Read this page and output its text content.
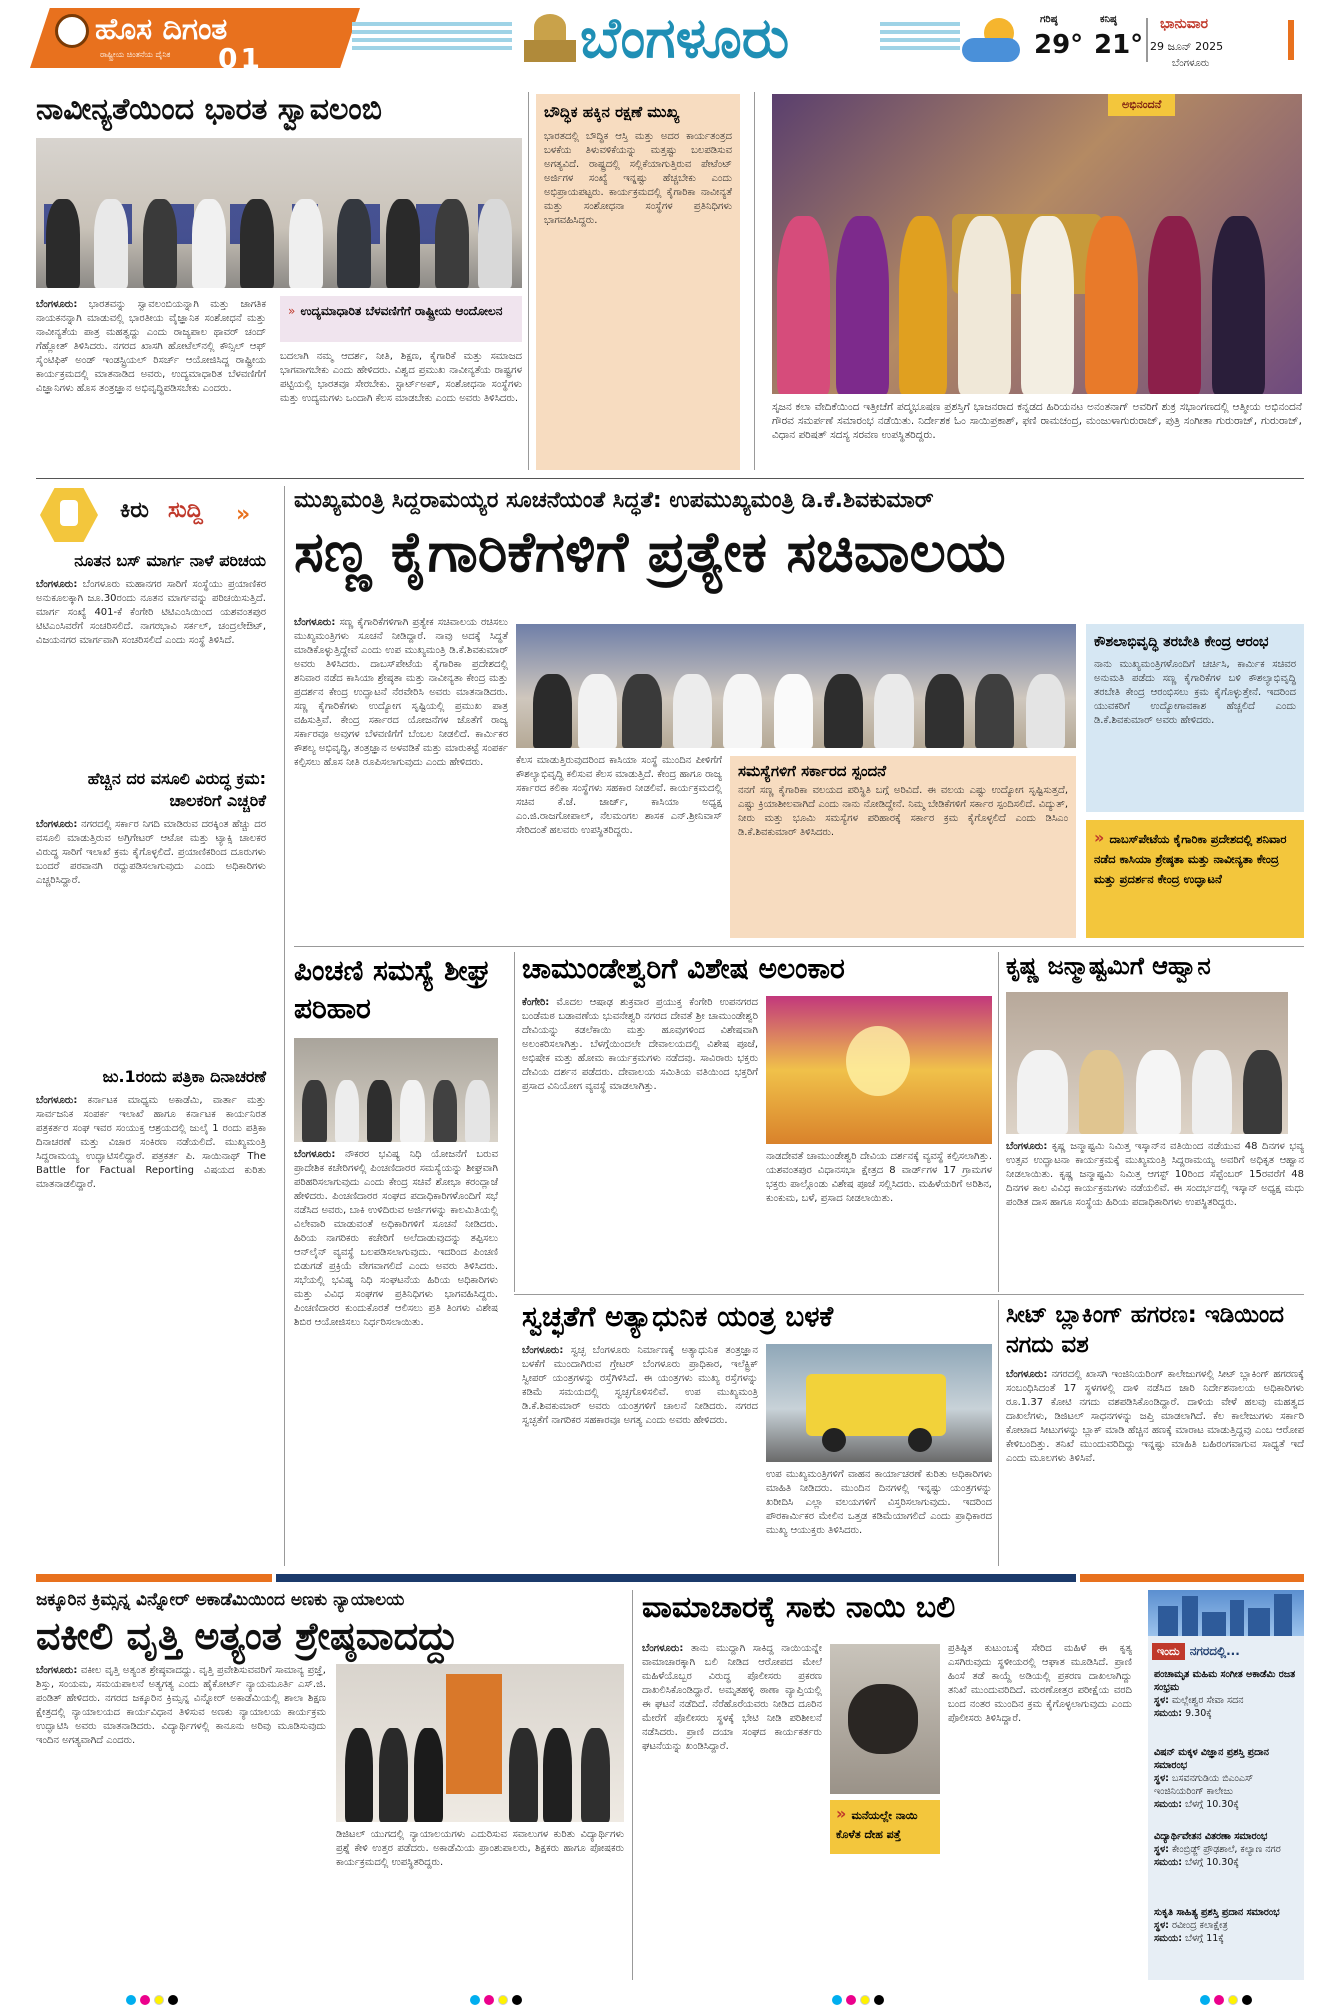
ಹೊಸ ದಿಗಂತ
ರಾಷ್ಟ್ರೀಯ ಚಿಂತನೆಯ ದೈನಿಕ 01	ಬೆಂಗಳೂರು	ಗರಿಷ್ಠ
29°
ಕನಿಷ್ಠ
21°
ಭಾನುವಾರ
29 ಜೂನ್ 2025
ಬೆಂಗಳೂರು
ನಾವೀನ್ಯತೆಯಿಂದ ಭಾರತ ಸ್ವಾವಲಂಬಿ
ಬೆಂಗಳೂರು: ಭಾರತವನ್ನು ಸ್ವಾವಲಂಬಿಯನ್ನಾಗಿ ಮತ್ತು ಜಾಗತಿಕ ನಾಯಕನನ್ನಾಗಿ ಮಾಡುವಲ್ಲಿ ಭಾರತೀಯ ವೈಜ್ಞಾನಿಕ ಸಂಶೋಧನೆ ಮತ್ತು ನಾವೀನ್ಯತೆಯ ಪಾತ್ರ ಮಹತ್ವದ್ದು ಎಂದು ರಾಜ್ಯಪಾಲ ಥಾವರ್ ಚಂದ್ ಗೆಹ್ಲೋತ್ ತಿಳಿಸಿದರು. ನಗರದ ಖಾಸಗಿ ಹೋಟೆಲ್‌ನಲ್ಲಿ ಕೌನ್ಸಿಲ್ ಆಫ್ ಸೈಂಟಿಫಿಕ್ ಅಂಡ್ ಇಂಡಸ್ಟ್ರಿಯಲ್ ರಿಸರ್ಚ್ ಆಯೋಜಿಸಿದ್ದ ರಾಷ್ಟ್ರೀಯ ಕಾರ್ಯಕ್ರಮದಲ್ಲಿ ಮಾತನಾಡಿದ ಅವರು, ಉದ್ಯಮಾಧಾರಿತ ಬೆಳವಣಿಗೆಗೆ ವಿಜ್ಞಾನಿಗಳು ಹೊಸ ತಂತ್ರಜ್ಞಾನ ಅಭಿವೃದ್ಧಿಪಡಿಸಬೇಕು ಎಂದರು.
» ಉದ್ಯಮಾಧಾರಿತ ಬೆಳವಣಿಗೆಗೆ ರಾಷ್ಟ್ರೀಯ ಆಂದೋಲನ
ಬದಲಾಗಿ ನಮ್ಮ ಆದರ್ಶ, ನೀತಿ, ಶಿಕ್ಷಣ, ಕೈಗಾರಿಕೆ ಮತ್ತು ಸಮಾಜದ ಭಾಗವಾಗಬೇಕು ಎಂದು ಹೇಳಿದರು. ವಿಶ್ವದ ಪ್ರಮುಖ ನಾವೀನ್ಯತೆಯ ರಾಷ್ಟ್ರಗಳ ಪಟ್ಟಿಯಲ್ಲಿ ಭಾರತವೂ ಸೇರಬೇಕು. ಸ್ಟಾರ್ಟ್‌ಅಪ್, ಸಂಶೋಧನಾ ಸಂಸ್ಥೆಗಳು ಮತ್ತು ಉದ್ಯಮಗಳು ಒಂದಾಗಿ ಕೆಲಸ ಮಾಡಬೇಕು ಎಂದು ಅವರು ತಿಳಿಸಿದರು.
ಬೌದ್ಧಿಕ ಹಕ್ಕಿನ ರಕ್ಷಣೆ ಮುಖ್ಯ
ಭಾರತದಲ್ಲಿ ಬೌದ್ಧಿಕ ಆಸ್ತಿ ಮತ್ತು ಅದರ ಕಾರ್ಯತಂತ್ರದ ಬಳಕೆಯ ತಿಳುವಳಿಕೆಯನ್ನು ಮತ್ತಷ್ಟು ಬಲಪಡಿಸುವ ಅಗತ್ಯವಿದೆ. ರಾಷ್ಟ್ರದಲ್ಲಿ ಸಲ್ಲಿಕೆಯಾಗುತ್ತಿರುವ ಪೇಟೆಂಟ್ ಅರ್ಜಿಗಳ ಸಂಖ್ಯೆ ಇನ್ನಷ್ಟು ಹೆಚ್ಚಬೇಕು ಎಂದು ಅಭಿಪ್ರಾಯಪಟ್ಟರು. ಕಾರ್ಯಕ್ರಮದಲ್ಲಿ ಕೈಗಾರಿಕಾ ನಾವೀನ್ಯತೆ ಮತ್ತು ಸಂಶೋಧನಾ ಸಂಸ್ಥೆಗಳ ಪ್ರತಿನಿಧಿಗಳು ಭಾಗವಹಿಸಿದ್ದರು.
ಅಭಿನಂದನೆ
ಸೃಜನ ಕಲಾ ವೇದಿಕೆಯಿಂದ ಇತ್ತೀಚೆಗೆ ಪದ್ಮಭೂಷಣ ಪ್ರಶಸ್ತಿಗೆ ಭಾಜನರಾದ ಕನ್ನಡದ ಹಿರಿಯನಟ ಅನಂತನಾಗ್ ಅವರಿಗೆ ಶುಕ್ರ ಸಭಾಂಗಣದಲ್ಲಿ ಆತ್ಮೀಯ ಅಭಿನಂದನೆ ಗೌರವ ಸಮರ್ಪಣೆ ಸಮಾರಂಭ ನಡೆಯಿತು. ನಿರ್ದೇಶಕ ಓಂ ಸಾಯಿಪ್ರಕಾಶ್, ಫಣಿ ರಾಮಚಂದ್ರ, ಮಂಜುಳಾಗುರುರಾಜ್, ಪುತ್ರಿ ಸಂಗೀತಾ ಗುರುರಾಜ್, ಗುರುರಾಜ್, ವಿಧಾನ ಪರಿಷತ್ ಸದಸ್ಯ ಸರವಣ ಉಪಸ್ಥಿತರಿದ್ದರು.
ಕಿರು ಸುದ್ದಿ »
ನೂತನ ಬಸ್ ಮಾರ್ಗ ನಾಳೆ ಪರಿಚಯ
ಬೆಂಗಳೂರು: ಬೆಂಗಳೂರು ಮಹಾನಗರ ಸಾರಿಗೆ ಸಂಸ್ಥೆಯು ಪ್ರಯಾಣಿಕರ ಅನುಕೂಲಕ್ಕಾಗಿ ಜೂ.30ರಂದು ನೂತನ ಮಾರ್ಗವನ್ನು ಪರಿಚಯಿಸುತ್ತಿದೆ. ಮಾರ್ಗ ಸಂಖ್ಯೆ 401-ಕೆ ಕೆಂಗೇರಿ ಟಿಟಿಎಂಸಿಯಿಂದ ಯಶವಂತಪುರ ಟಿಟಿಎಂಸಿವರೆಗೆ ಸಂಚರಿಸಲಿದೆ. ನಾಗರಭಾವಿ ಸರ್ಕಲ್, ಚಂದ್ರಲೇಔಟ್, ವಿಜಯನಗರ ಮಾರ್ಗವಾಗಿ ಸಂಚರಿಸಲಿದೆ ಎಂದು ಸಂಸ್ಥೆ ತಿಳಿಸಿದೆ.
ಹೆಚ್ಚಿನ ದರ ವಸೂಲಿ ವಿರುದ್ಧ ಕ್ರಮ: ಚಾಲಕರಿಗೆ ಎಚ್ಚರಿಕೆ
ಬೆಂಗಳೂರು: ನಗರದಲ್ಲಿ ಸರ್ಕಾರ ನಿಗದಿ ಮಾಡಿರುವ ದರಕ್ಕಿಂತ ಹೆಚ್ಚು ದರ ವಸೂಲಿ ಮಾಡುತ್ತಿರುವ ಅಗ್ರಿಗೇಟರ್ ಆಟೋ ಮತ್ತು ಟ್ಯಾಕ್ಸಿ ಚಾಲಕರ ವಿರುದ್ಧ ಸಾರಿಗೆ ಇಲಾಖೆ ಕ್ರಮ ಕೈಗೊಳ್ಳಲಿದೆ. ಪ್ರಯಾಣಿಕರಿಂದ ದೂರುಗಳು ಬಂದರೆ ಪರವಾನಗಿ ರದ್ದುಪಡಿಸಲಾಗುವುದು ಎಂದು ಅಧಿಕಾರಿಗಳು ಎಚ್ಚರಿಸಿದ್ದಾರೆ.
ಜು.1ರಂದು ಪತ್ರಿಕಾ ದಿನಾಚರಣೆ
ಬೆಂಗಳೂರು: ಕರ್ನಾಟಕ ಮಾಧ್ಯಮ ಅಕಾಡೆಮಿ, ವಾರ್ತಾ ಮತ್ತು ಸಾರ್ವಜನಿಕ ಸಂಪರ್ಕ ಇಲಾಖೆ ಹಾಗೂ ಕರ್ನಾಟಕ ಕಾರ್ಯನಿರತ ಪತ್ರಕರ್ತರ ಸಂಘ ಇವರ ಸಂಯುಕ್ತ ಆಶ್ರಯದಲ್ಲಿ ಜುಲೈ 1 ರಂದು ಪತ್ರಿಕಾ ದಿನಾಚರಣೆ ಮತ್ತು ವಿಚಾರ ಸಂಕಿರಣ ನಡೆಯಲಿದೆ. ಮುಖ್ಯಮಂತ್ರಿ ಸಿದ್ದರಾಮಯ್ಯ ಉದ್ಘಾಟಿಸಲಿದ್ದಾರೆ. ಪತ್ರಕರ್ತ ಪಿ. ಸಾಯಿನಾಥ್ The Battle for Factual Reporting ವಿಷಯದ ಕುರಿತು ಮಾತನಾಡಲಿದ್ದಾರೆ.
ಮುಖ್ಯಮಂತ್ರಿ ಸಿದ್ದರಾಮಯ್ಯರ ಸೂಚನೆಯಂತೆ ಸಿದ್ಧತೆ: ಉಪಮುಖ್ಯಮಂತ್ರಿ ಡಿ.ಕೆ.ಶಿವಕುಮಾರ್
ಸಣ್ಣ ಕೈಗಾರಿಕೆಗಳಿಗೆ ಪ್ರತ್ಯೇಕ ಸಚಿವಾಲಯ
ಬೆಂಗಳೂರು: ಸಣ್ಣ ಕೈಗಾರಿಕೆಗಳಿಗಾಗಿ ಪ್ರತ್ಯೇಕ ಸಚಿವಾಲಯ ರಚಿಸಲು ಮುಖ್ಯಮಂತ್ರಿಗಳು ಸೂಚನೆ ನೀಡಿದ್ದಾರೆ. ನಾವು ಅದಕ್ಕೆ ಸಿದ್ಧತೆ ಮಾಡಿಕೊಳ್ಳುತ್ತಿದ್ದೇವೆ ಎಂದು ಉಪ ಮುಖ್ಯಮಂತ್ರಿ ಡಿ.ಕೆ.ಶಿವಕುಮಾರ್ ಅವರು ತಿಳಿಸಿದರು. ದಾಬಸ್‌ಪೇಟೆಯ ಕೈಗಾರಿಕಾ ಪ್ರದೇಶದಲ್ಲಿ ಶನಿವಾರ ನಡೆದ ಕಾಸಿಯಾ ಶ್ರೇಷ್ಠತಾ ಮತ್ತು ನಾವೀನ್ಯತಾ ಕೇಂದ್ರ ಮತ್ತು ಪ್ರದರ್ಶನ ಕೇಂದ್ರ ಉದ್ಘಾಟನೆ ನೆರವೇರಿಸಿ ಅವರು ಮಾತನಾಡಿದರು. ಸಣ್ಣ ಕೈಗಾರಿಕೆಗಳು ಉದ್ಯೋಗ ಸೃಷ್ಟಿಯಲ್ಲಿ ಪ್ರಮುಖ ಪಾತ್ರ ವಹಿಸುತ್ತಿವೆ. ಕೇಂದ್ರ ಸರ್ಕಾರದ ಯೋಜನೆಗಳ ಜೊತೆಗೆ ರಾಜ್ಯ ಸರ್ಕಾರವೂ ಅವುಗಳ ಬೆಳವಣಿಗೆಗೆ ಬೆಂಬಲ ನೀಡಲಿದೆ. ಕಾರ್ಮಿಕರ ಕೌಶಲ್ಯ ಅಭಿವೃದ್ಧಿ, ತಂತ್ರಜ್ಞಾನ ಅಳವಡಿಕೆ ಮತ್ತು ಮಾರುಕಟ್ಟೆ ಸಂಪರ್ಕ ಕಲ್ಪಿಸಲು ಹೊಸ ನೀತಿ ರೂಪಿಸಲಾಗುವುದು ಎಂದು ಹೇಳಿದರು.	ಕೆಲಸ ಮಾಡುತ್ತಿರುವುದರಿಂದ ಕಾಸಿಯಾ ಸಂಸ್ಥೆ ಮುಂದಿನ ಪೀಳಿಗೆಗೆ ಕೌಶಲ್ಯಾಭಿವೃದ್ಧಿ ಕಲಿಸುವ ಕೆಲಸ ಮಾಡುತ್ತಿದೆ. ಕೇಂದ್ರ ಹಾಗೂ ರಾಜ್ಯ ಸರ್ಕಾರದ ಕಲಿಕಾ ಸಂಸ್ಥೆಗಳು ಸಹಕಾರ ನೀಡಲಿವೆ. ಕಾರ್ಯಕ್ರಮದಲ್ಲಿ ಸಚಿವ ಕೆ.ಜೆ. ಜಾರ್ಜ್, ಕಾಸಿಯಾ ಅಧ್ಯಕ್ಷ ಎಂ.ಜಿ.ರಾಜಗೋಪಾಲ್, ನೆಲಮಂಗಲ ಶಾಸಕ ಎನ್.ಶ್ರೀನಿವಾಸ್ ಸೇರಿದಂತೆ ಹಲವರು ಉಪಸ್ಥಿತರಿದ್ದರು.
ಸಮಸ್ಯೆಗಳಿಗೆ ಸರ್ಕಾರದ ಸ್ಪಂದನೆ
ನನಗೆ ಸಣ್ಣ ಕೈಗಾರಿಕಾ ವಲಯದ ಪರಿಸ್ಥಿತಿ ಬಗ್ಗೆ ಅರಿವಿದೆ. ಈ ವಲಯ ಎಷ್ಟು ಉದ್ಯೋಗ ಸೃಷ್ಟಿಸುತ್ತದೆ, ಎಷ್ಟು ಕ್ರಿಯಾಶೀಲವಾಗಿದೆ ಎಂದು ನಾನು ನೋಡಿದ್ದೇನೆ. ನಿಮ್ಮ ಬೇಡಿಕೆಗಳಿಗೆ ಸರ್ಕಾರ ಸ್ಪಂದಿಸಲಿದೆ. ವಿದ್ಯುತ್, ನೀರು ಮತ್ತು ಭೂಮಿ ಸಮಸ್ಯೆಗಳ ಪರಿಹಾರಕ್ಕೆ ಸರ್ಕಾರ ಕ್ರಮ ಕೈಗೊಳ್ಳಲಿದೆ ಎಂದು ಡಿಸಿಎಂ ಡಿ.ಕೆ.ಶಿವಕುಮಾರ್ ತಿಳಿಸಿದರು.
ಕೌಶಲಾಭಿವೃದ್ಧಿ ತರಬೇತಿ ಕೇಂದ್ರ ಆರಂಭ
ನಾನು ಮುಖ್ಯಮಂತ್ರಿಗಳೊಂದಿಗೆ ಚರ್ಚಿಸಿ, ಕಾರ್ಮಿಕ ಸಚಿವರ ಅನುಮತಿ ಪಡೆದು ಸಣ್ಣ ಕೈಗಾರಿಕೆಗಳ ಬಳಿ ಕೌಶಲ್ಯಾಭಿವೃದ್ಧಿ ತರಬೇತಿ ಕೇಂದ್ರ ಆರಂಭಿಸಲು ಕ್ರಮ ಕೈಗೊಳ್ಳುತ್ತೇನೆ. ಇದರಿಂದ ಯುವಕರಿಗೆ ಉದ್ಯೋಗಾವಕಾಶ ಹೆಚ್ಚಲಿದೆ ಎಂದು ಡಿ.ಕೆ.ಶಿವಕುಮಾರ್ ಅವರು ಹೇಳಿದರು.
» ದಾಬಸ್‌ಪೇಟೆಯ ಕೈಗಾರಿಕಾ ಪ್ರದೇಶದಲ್ಲಿ ಶನಿವಾರ ನಡೆದ ಕಾಸಿಯಾ ಶ್ರೇಷ್ಠತಾ ಮತ್ತು ನಾವೀನ್ಯತಾ ಕೇಂದ್ರ ಮತ್ತು ಪ್ರದರ್ಶನ ಕೇಂದ್ರ ಉದ್ಘಾಟನೆ
ಪಿಂಚಣಿ ಸಮಸ್ಯೆ ಶೀಘ್ರ ಪರಿಹಾರ
ಬೆಂಗಳೂರು: ನೌಕರರ ಭವಿಷ್ಯ ನಿಧಿ ಯೋಜನೆಗೆ ಬರುವ ಪ್ರಾದೇಶಿಕ ಕಚೇರಿಗಳಲ್ಲಿ ಪಿಂಚಣಿದಾರರ ಸಮಸ್ಯೆಯನ್ನು ಶೀಘ್ರವಾಗಿ ಪರಿಹರಿಸಲಾಗುವುದು ಎಂದು ಕೇಂದ್ರ ಸಚಿವೆ ಶೋಭಾ ಕರಂದ್ಲಾಜೆ ಹೇಳಿದರು. ಪಿಂಚಣಿದಾರರ ಸಂಘದ ಪದಾಧಿಕಾರಿಗಳೊಂದಿಗೆ ಸಭೆ ನಡೆಸಿದ ಅವರು, ಬಾಕಿ ಉಳಿದಿರುವ ಅರ್ಜಿಗಳನ್ನು ಕಾಲಮಿತಿಯಲ್ಲಿ ವಿಲೇವಾರಿ ಮಾಡುವಂತೆ ಅಧಿಕಾರಿಗಳಿಗೆ ಸೂಚನೆ ನೀಡಿದರು. ಹಿರಿಯ ನಾಗರಿಕರು ಕಚೇರಿಗೆ ಅಲೆದಾಡುವುದನ್ನು ತಪ್ಪಿಸಲು ಆನ್‌ಲೈನ್ ವ್ಯವಸ್ಥೆ ಬಲಪಡಿಸಲಾಗುವುದು. ಇದರಿಂದ ಪಿಂಚಣಿ ಬಿಡುಗಡೆ ಪ್ರಕ್ರಿಯೆ ವೇಗವಾಗಲಿದೆ ಎಂದು ಅವರು ತಿಳಿಸಿದರು. ಸಭೆಯಲ್ಲಿ ಭವಿಷ್ಯ ನಿಧಿ ಸಂಘಟನೆಯ ಹಿರಿಯ ಅಧಿಕಾರಿಗಳು ಮತ್ತು ವಿವಿಧ ಸಂಘಗಳ ಪ್ರತಿನಿಧಿಗಳು ಭಾಗವಹಿಸಿದ್ದರು. ಪಿಂಚಣಿದಾರರ ಕುಂದುಕೊರತೆ ಆಲಿಸಲು ಪ್ರತಿ ತಿಂಗಳು ವಿಶೇಷ ಶಿಬಿರ ಆಯೋಜಿಸಲು ನಿರ್ಧರಿಸಲಾಯಿತು.
ಚಾಮುಂಡೇಶ್ವರಿಗೆ ವಿಶೇಷ ಅಲಂಕಾರ
ಕೆಂಗೇರಿ: ಮೊದಲ ಆಷಾಢ ಶುಕ್ರವಾರ ಪ್ರಯುಕ್ತ ಕೆಂಗೇರಿ ಉಪನಗರದ ಬಂಡೆಮಠ ಬಡಾವಣೆಯ ಭುವನೇಶ್ವರಿ ನಗರದ ದೇವತೆ ಶ್ರೀ ಚಾಮುಂಡೇಶ್ವರಿ ದೇವಿಯನ್ನು ಕಡಲೆಕಾಯಿ ಮತ್ತು ಹೂವುಗಳಿಂದ ವಿಶೇಷವಾಗಿ ಅಲಂಕರಿಸಲಾಗಿತ್ತು. ಬೆಳಗ್ಗೆಯಿಂದಲೇ ದೇವಾಲಯದಲ್ಲಿ ವಿಶೇಷ ಪೂಜೆ, ಅಭಿಷೇಕ ಮತ್ತು ಹೋಮ ಕಾರ್ಯಕ್ರಮಗಳು ನಡೆದವು. ಸಾವಿರಾರು ಭಕ್ತರು ದೇವಿಯ ದರ್ಶನ ಪಡೆದರು. ದೇವಾಲಯ ಸಮಿತಿಯ ವತಿಯಿಂದ ಭಕ್ತರಿಗೆ ಪ್ರಸಾದ ವಿನಿಯೋಗ ವ್ಯವಸ್ಥೆ ಮಾಡಲಾಗಿತ್ತು.
ನಾಡದೇವತೆ ಚಾಮುಂಡೇಶ್ವರಿ ದೇವಿಯ ದರ್ಶನಕ್ಕೆ ವ್ಯವಸ್ಥೆ ಕಲ್ಪಿಸಲಾಗಿತ್ತು. ಯಶವಂತಪುರ ವಿಧಾನಸಭಾ ಕ್ಷೇತ್ರದ 8 ವಾರ್ಡ್‌ಗಳ 17 ಗ್ರಾಮಗಳ ಭಕ್ತರು ಪಾಲ್ಗೊಂಡು ವಿಶೇಷ ಪೂಜೆ ಸಲ್ಲಿಸಿದರು. ಮಹಿಳೆಯರಿಗೆ ಅರಿಶಿನ, ಕುಂಕುಮ, ಬಳೆ, ಪ್ರಸಾದ ನೀಡಲಾಯಿತು.
ಕೃಷ್ಣ ಜನ್ಮಾಷ್ಟಮಿಗೆ ಆಹ್ವಾನ
ಬೆಂಗಳೂರು: ಕೃಷ್ಣ ಜನ್ಮಾಷ್ಟಮಿ ನಿಮಿತ್ತ ಇಸ್ಕಾನ್‌ನ ವತಿಯಿಂದ ನಡೆಯುವ 48 ದಿನಗಳ ಭವ್ಯ ಉತ್ಸವ ಉದ್ಘಾಟನಾ ಕಾರ್ಯಕ್ರಮಕ್ಕೆ ಮುಖ್ಯಮಂತ್ರಿ ಸಿದ್ದರಾಮಯ್ಯ ಅವರಿಗೆ ಅಧಿಕೃತ ಆಹ್ವಾನ ನೀಡಲಾಯಿತು. ಕೃಷ್ಣ ಜನ್ಮಾಷ್ಟಮಿ ನಿಮಿತ್ತ ಆಗಸ್ಟ್ 10ರಿಂದ ಸೆಪ್ಟೆಂಬರ್ 15ರವರೆಗೆ 48 ದಿನಗಳ ಕಾಲ ವಿವಿಧ ಕಾರ್ಯಕ್ರಮಗಳು ನಡೆಯಲಿವೆ. ಈ ಸಂದರ್ಭದಲ್ಲಿ ಇಸ್ಕಾನ್ ಅಧ್ಯಕ್ಷ ಮಧು ಪಂಡಿತ ದಾಸ ಹಾಗೂ ಸಂಸ್ಥೆಯ ಹಿರಿಯ ಪದಾಧಿಕಾರಿಗಳು ಉಪಸ್ಥಿತರಿದ್ದರು.
ಸ್ವಚ್ಛತೆಗೆ ಅತ್ಯಾಧುನಿಕ ಯಂತ್ರ ಬಳಕೆ
ಬೆಂಗಳೂರು: ಸ್ವಚ್ಛ ಬೆಂಗಳೂರು ನಿರ್ಮಾಣಕ್ಕೆ ಅತ್ಯಾಧುನಿಕ ತಂತ್ರಜ್ಞಾನ ಬಳಕೆಗೆ ಮುಂದಾಗಿರುವ ಗ್ರೇಟರ್ ಬೆಂಗಳೂರು ಪ್ರಾಧಿಕಾರ, ಇಲೆಕ್ಟ್ರಿಕ್ ಸ್ವೀಪರ್ ಯಂತ್ರಗಳನ್ನು ರಸ್ತೆಗಿಳಿಸಿದೆ. ಈ ಯಂತ್ರಗಳು ಮುಖ್ಯ ರಸ್ತೆಗಳನ್ನು ಕಡಿಮೆ ಸಮಯದಲ್ಲಿ ಸ್ವಚ್ಛಗೊಳಿಸಲಿವೆ. ಉಪ ಮುಖ್ಯಮಂತ್ರಿ ಡಿ.ಕೆ.ಶಿವಕುಮಾರ್ ಅವರು ಯಂತ್ರಗಳಿಗೆ ಚಾಲನೆ ನೀಡಿದರು. ನಗರದ ಸ್ವಚ್ಛತೆಗೆ ನಾಗರಿಕರ ಸಹಕಾರವೂ ಅಗತ್ಯ ಎಂದು ಅವರು ಹೇಳಿದರು.
ಉಪ ಮುಖ್ಯಮಂತ್ರಿಗಳಿಗೆ ವಾಹನ ಕಾರ್ಯಾಚರಣೆ ಕುರಿತು ಅಧಿಕಾರಿಗಳು ಮಾಹಿತಿ ನೀಡಿದರು. ಮುಂದಿನ ದಿನಗಳಲ್ಲಿ ಇನ್ನಷ್ಟು ಯಂತ್ರಗಳನ್ನು ಖರೀದಿಸಿ ಎಲ್ಲಾ ವಲಯಗಳಿಗೆ ವಿಸ್ತರಿಸಲಾಗುವುದು. ಇದರಿಂದ ಪೌರಕಾರ್ಮಿಕರ ಮೇಲಿನ ಒತ್ತಡ ಕಡಿಮೆಯಾಗಲಿದೆ ಎಂದು ಪ್ರಾಧಿಕಾರದ ಮುಖ್ಯ ಆಯುಕ್ತರು ತಿಳಿಸಿದರು.
ಸೀಟ್ ಬ್ಲಾಕಿಂಗ್ ಹಗರಣ: ಇಡಿಯಿಂದ ನಗದು ವಶ
ಬೆಂಗಳೂರು: ನಗರದಲ್ಲಿ ಖಾಸಗಿ ಇಂಜಿನಿಯರಿಂಗ್ ಕಾಲೇಜುಗಳಲ್ಲಿ ಸೀಟ್ ಬ್ಲಾಕಿಂಗ್ ಹಗರಣಕ್ಕೆ ಸಂಬಂಧಿಸಿದಂತೆ 17 ಸ್ಥಳಗಳಲ್ಲಿ ದಾಳಿ ನಡೆಸಿದ ಜಾರಿ ನಿರ್ದೇಶನಾಲಯ ಅಧಿಕಾರಿಗಳು ರೂ.1.37 ಕೋಟಿ ನಗದು ವಶಪಡಿಸಿಕೊಂಡಿದ್ದಾರೆ. ದಾಳಿಯ ವೇಳೆ ಹಲವು ಮಹತ್ವದ ದಾಖಲೆಗಳು, ಡಿಜಿಟಲ್ ಸಾಧನಗಳನ್ನು ಜಪ್ತಿ ಮಾಡಲಾಗಿದೆ. ಕೆಲ ಕಾಲೇಜುಗಳು ಸರ್ಕಾರಿ ಕೋಟಾದ ಸೀಟುಗಳನ್ನು ಬ್ಲಾಕ್ ಮಾಡಿ ಹೆಚ್ಚಿನ ಹಣಕ್ಕೆ ಮಾರಾಟ ಮಾಡುತ್ತಿದ್ದವು ಎಂಬ ಆರೋಪ ಕೇಳಿಬಂದಿತ್ತು. ತನಿಖೆ ಮುಂದುವರಿದಿದ್ದು ಇನ್ನಷ್ಟು ಮಾಹಿತಿ ಬಹಿರಂಗವಾಗುವ ಸಾಧ್ಯತೆ ಇದೆ ಎಂದು ಮೂಲಗಳು ತಿಳಿಸಿವೆ.
ಜಕ್ಕೂರಿನ ಕ್ರಿಮ್ಸನ್ನ ವಿನ್ನೋರ್ ಅಕಾಡೆಮಿಯಿಂದ ಅಣಕು ನ್ಯಾಯಾಲಯ
ವಕೀಲಿ ವೃತ್ತಿ ಅತ್ಯಂತ ಶ್ರೇಷ್ಠವಾದದ್ದು
ಬೆಂಗಳೂರು: ವಕೀಲ ವೃತ್ತಿ ಅತ್ಯಂತ ಶ್ರೇಷ್ಠವಾದದ್ದು. ವೃತ್ತಿ ಪ್ರವೇಶಿಸುವವರಿಗೆ ಸಾಮಾನ್ಯ ಪ್ರಜ್ಞೆ, ಶಿಸ್ತು, ಸಂಯಮ, ಸಮಯಪಾಲನೆ ಅತ್ಯಗತ್ಯ ಎಂದು ಹೈಕೋರ್ಟ್ ನ್ಯಾಯಮೂರ್ತಿ ಎಸ್.ಜಿ. ಪಂಡಿತ್ ಹೇಳಿದರು. ನಗರದ ಜಕ್ಕೂರಿನ ಕ್ರಿಮ್ಸನ್ನ ವಿನ್ನೋರ್ ಅಕಾಡೆಮಿಯಲ್ಲಿ ಶಾಲಾ ಶಿಕ್ಷಣ ಕ್ಷೇತ್ರದಲ್ಲಿ ನ್ಯಾಯಾಲಯದ ಕಾರ್ಯವಿಧಾನ ತಿಳಿಸುವ ಅಣಕು ನ್ಯಾಯಾಲಯ ಕಾರ್ಯಕ್ರಮ ಉದ್ಘಾಟಿಸಿ ಅವರು ಮಾತನಾಡಿದರು. ವಿದ್ಯಾರ್ಥಿಗಳಲ್ಲಿ ಕಾನೂನು ಅರಿವು ಮೂಡಿಸುವುದು ಇಂದಿನ ಅಗತ್ಯವಾಗಿದೆ ಎಂದರು.
ಡಿಜಿಟಲ್ ಯುಗದಲ್ಲಿ ನ್ಯಾಯಾಲಯಗಳು ಎದುರಿಸುವ ಸವಾಲುಗಳ ಕುರಿತು ವಿದ್ಯಾರ್ಥಿಗಳು ಪ್ರಶ್ನೆ ಕೇಳಿ ಉತ್ತರ ಪಡೆದರು. ಅಕಾಡೆಮಿಯ ಪ್ರಾಂಶುಪಾಲರು, ಶಿಕ್ಷಕರು ಹಾಗೂ ಪೋಷಕರು ಕಾರ್ಯಕ್ರಮದಲ್ಲಿ ಉಪಸ್ಥಿತರಿದ್ದರು.
ವಾಮಾಚಾರಕ್ಕೆ ಸಾಕು ನಾಯಿ ಬಲಿ
ಬೆಂಗಳೂರು: ತಾನು ಮುದ್ದಾಗಿ ಸಾಕಿದ್ದ ನಾಯಿಯನ್ನೇ ವಾಮಾಚಾರಕ್ಕಾಗಿ ಬಲಿ ನೀಡಿದ ಆರೋಪದ ಮೇಲೆ ಮಹಿಳೆಯೊಬ್ಬರ ವಿರುದ್ಧ ಪೊಲೀಸರು ಪ್ರಕರಣ ದಾಖಲಿಸಿಕೊಂಡಿದ್ದಾರೆ. ಅಮೃತಹಳ್ಳಿ ಠಾಣಾ ವ್ಯಾಪ್ತಿಯಲ್ಲಿ ಈ ಘಟನೆ ನಡೆದಿದೆ. ನೆರೆಹೊರೆಯವರು ನೀಡಿದ ದೂರಿನ ಮೇರೆಗೆ ಪೊಲೀಸರು ಸ್ಥಳಕ್ಕೆ ಭೇಟಿ ನೀಡಿ ಪರಿಶೀಲನೆ ನಡೆಸಿದರು. ಪ್ರಾಣಿ ದಯಾ ಸಂಘದ ಕಾರ್ಯಕರ್ತರು ಘಟನೆಯನ್ನು ಖಂಡಿಸಿದ್ದಾರೆ.
» ಮನೆಯಲ್ಲೇ ನಾಯಿ ಕೊಳೆತ ದೇಹ ಪತ್ತೆ
ಪ್ರತಿಷ್ಠಿತ ಕುಟುಂಬಕ್ಕೆ ಸೇರಿದ ಮಹಿಳೆ ಈ ಕೃತ್ಯ ಎಸಗಿರುವುದು ಸ್ಥಳೀಯರಲ್ಲಿ ಆಘಾತ ಮೂಡಿಸಿದೆ. ಪ್ರಾಣಿ ಹಿಂಸೆ ತಡೆ ಕಾಯ್ದೆ ಅಡಿಯಲ್ಲಿ ಪ್ರಕರಣ ದಾಖಲಾಗಿದ್ದು ತನಿಖೆ ಮುಂದುವರಿದಿದೆ. ಮರಣೋತ್ತರ ಪರೀಕ್ಷೆಯ ವರದಿ ಬಂದ ನಂತರ ಮುಂದಿನ ಕ್ರಮ ಕೈಗೊಳ್ಳಲಾಗುವುದು ಎಂದು ಪೊಲೀಸರು ತಿಳಿಸಿದ್ದಾರೆ.
ಇಂದು ನಗರದಲ್ಲಿ...
ಪಂಚಾಮೃತ ಮಹಿಮ ಸಂಗೀತ ಅಕಾಡೆಮಿ ರಜತ ಸಂಭ್ರಮ
ಸ್ಥಳ: ಮಲ್ಲೇಶ್ವರ ಸೇವಾ ಸದನ
ಸಮಯ: 9.30ಕ್ಕೆ
ವಿಷನ್ ಮಕ್ಕಳ ವಿಜ್ಞಾನ ಪ್ರಶಸ್ತಿ ಪ್ರದಾನ ಸಮಾರಂಭ
ಸ್ಥಳ: ಬಸವನಗುಡಿಯ ಬಿಎಂಎಸ್ ಇಂಜಿನಿಯರಿಂಗ್ ಕಾಲೇಜು
ಸಮಯ: ಬೆಳಗ್ಗೆ 10.30ಕ್ಕೆ
ವಿದ್ಯಾರ್ಥಿವೇತನ ವಿತರಣಾ ಸಮಾರಂಭ
ಸ್ಥಳ: ಕೇಂಬ್ರಿಡ್ಜ್ ಪ್ರೌಢಶಾಲೆ, ಕಲ್ಯಾಣ ನಗರ
ಸಮಯ: ಬೆಳಗ್ಗೆ 10.30ಕ್ಕೆ
ಸುಕೃತಿ ಸಾಹಿತ್ಯ ಪ್ರಶಸ್ತಿ ಪ್ರದಾನ ಸಮಾರಂಭ
ಸ್ಥಳ: ರವೀಂದ್ರ ಕಲಾಕ್ಷೇತ್ರ
ಸಮಯ: ಬೆಳಗ್ಗೆ 11ಕ್ಕೆ
